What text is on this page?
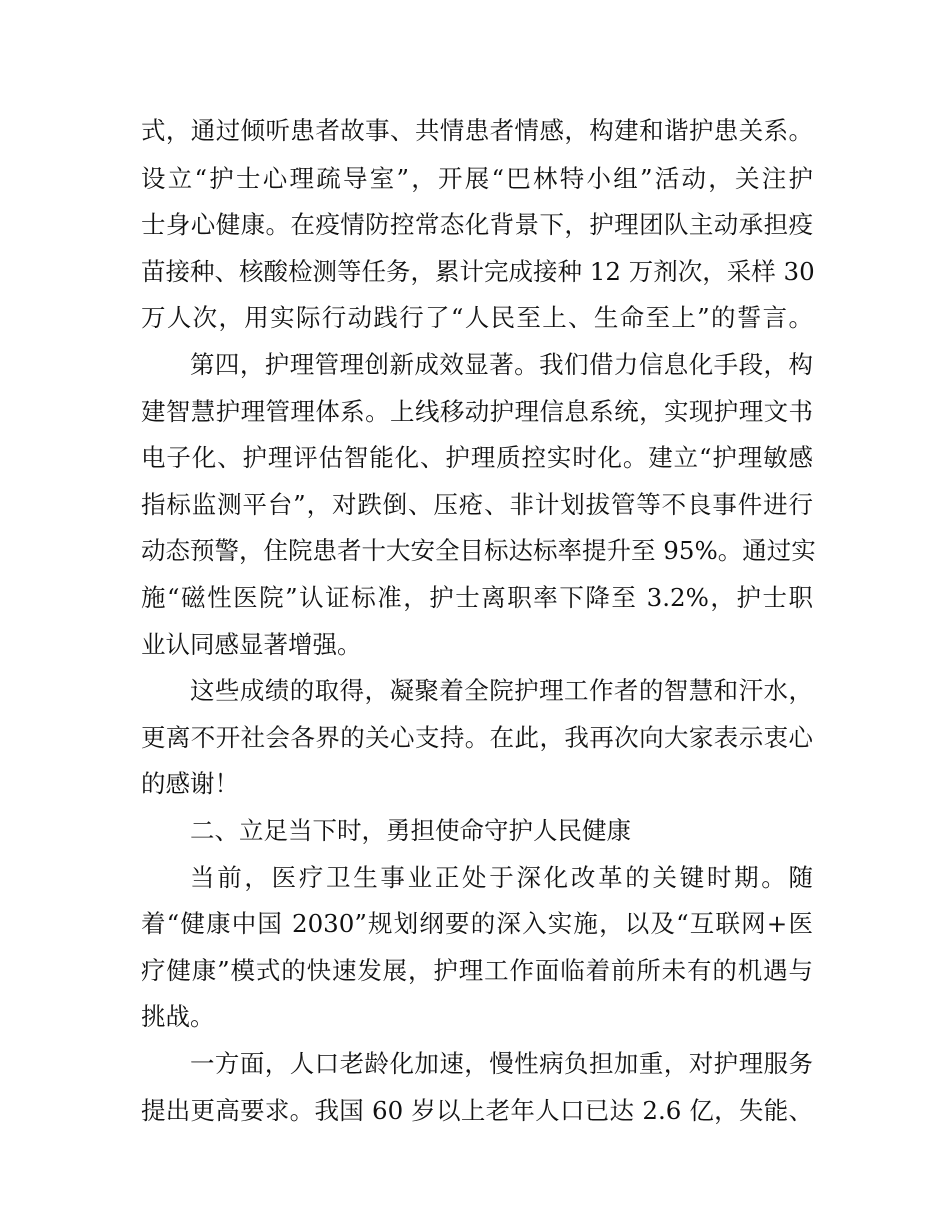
式，通过倾听患者故事、共情患者情感，构建和谐护患关系。
设立“护士心理疏导室”，开展“巴林特小组”活动，关注护
士身心健康。在疫情防控常态化背景下，护理团队主动承担疫
苗接种、核酸检测等任务，累计完成接种 12 万剂次，采样 30
万人次，用实际行动践行了“人民至上、生命至上”的誓言。
第四，护理管理创新成效显著。我们借力信息化手段，构
建智慧护理管理体系。上线移动护理信息系统，实现护理文书
电子化、护理评估智能化、护理质控实时化。建立“护理敏感
指标监测平台”，对跌倒、压疮、非计划拔管等不良事件进行
动态预警，住院患者十大安全目标达标率提升至 95%。通过实
施“磁性医院”认证标准，护士离职率下降至 3.2%，护士职
业认同感显著增强。
这些成绩的取得，凝聚着全院护理工作者的智慧和汗水，
更离不开社会各界的关心支持。在此，我再次向大家表示衷心
的感谢！
二、立足当下时，勇担使命守护人民健康
当前，医疗卫生事业正处于深化改革的关键时期。随
着“健康中国 2030”规划纲要的深入实施，以及“互联网+医
疗健康”模式的快速发展，护理工作面临着前所未有的机遇与
挑战。
一方面，人口老龄化加速，慢性病负担加重，对护理服务
提出更高要求。我国 60 岁以上老年人口已达 2.6 亿，失能、
